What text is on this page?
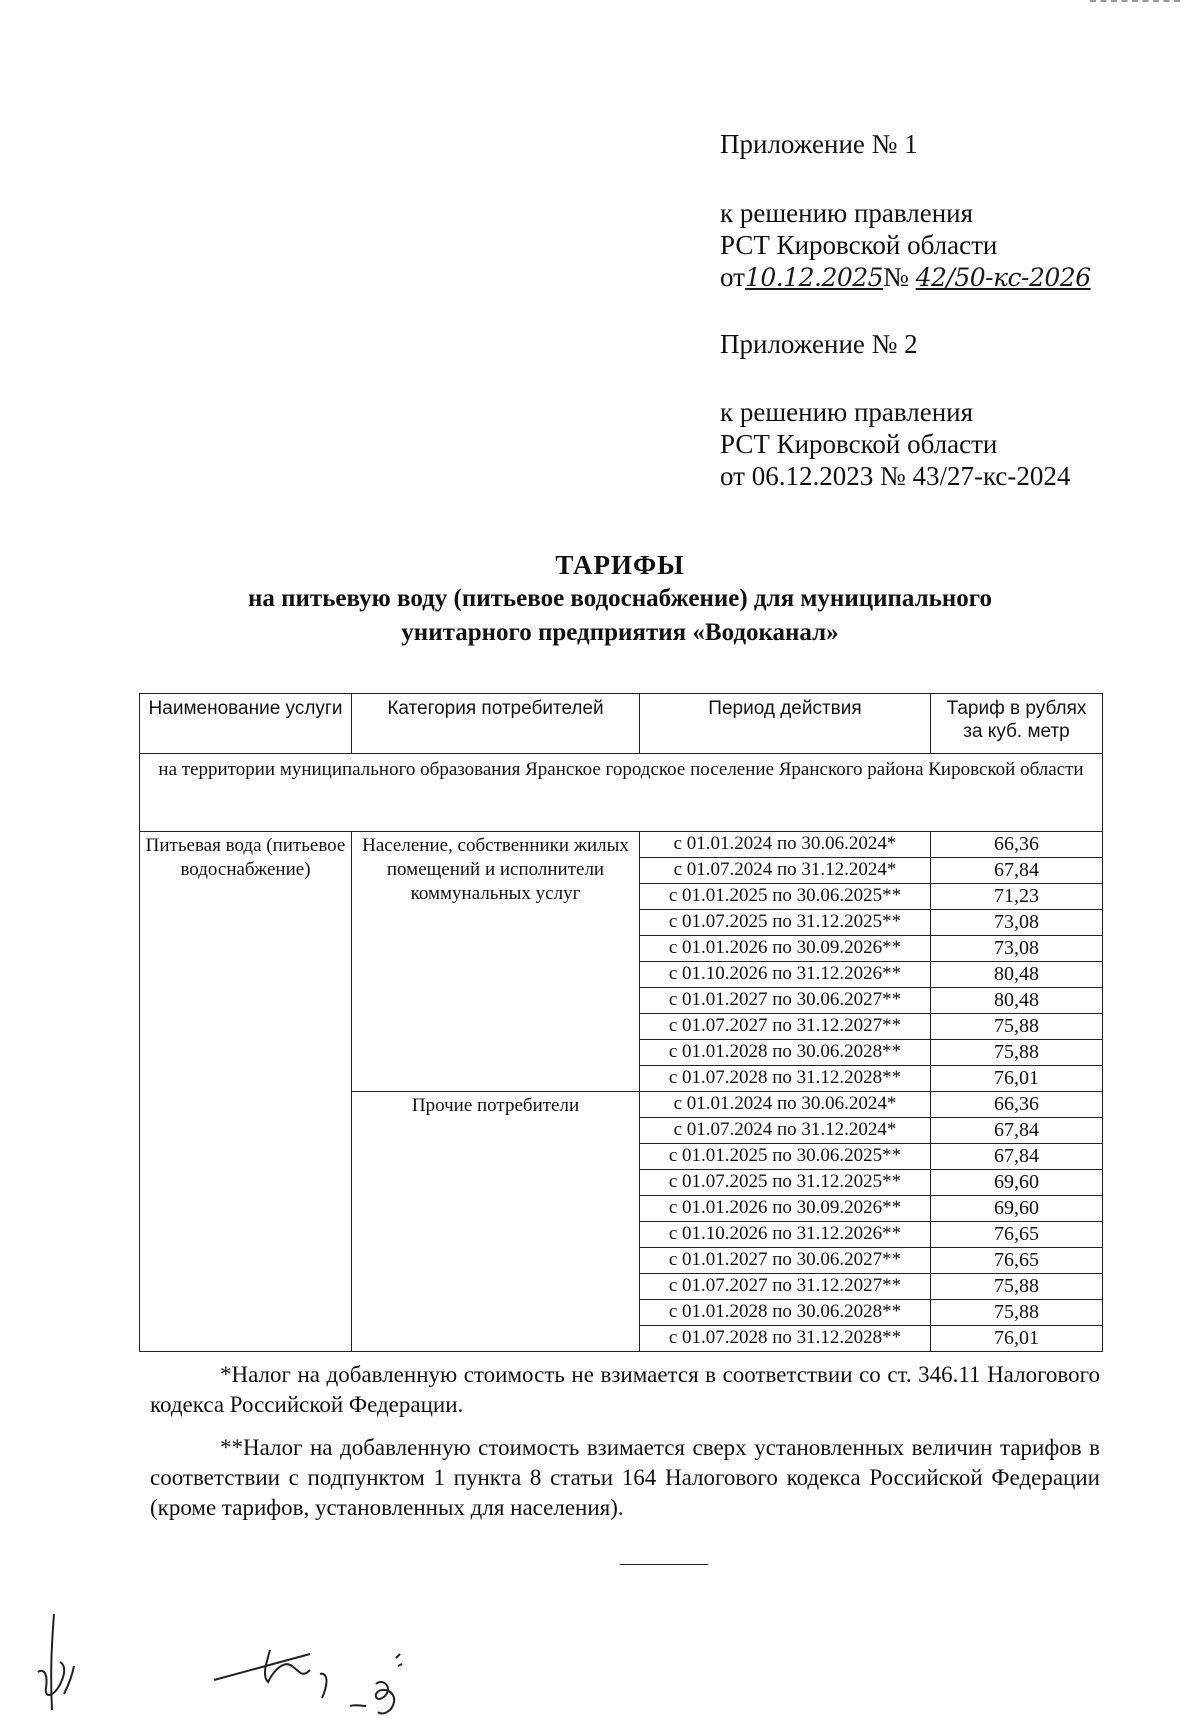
Приложение № 1
к решению правления
РСТ Кировской области
от10.12.2025№ 42/50-кс-2026
Приложение № 2
к решению правления
РСТ Кировской области
от 06.12.2023 № 43/27-кс-2024
ТАРИФЫ
на питьевую воду (питьевое водоснабжение) для муниципального
унитарного предприятия «Водоканал»
Наименование услуги	Категория потребителей	Период действия	Тариф в рублях за куб. метр
на территории муниципального образования Яранское городское поселение Яранского района Кировской области			
Питьевая вода (питьевое водоснабжение)	Население, собственники жилых помещений и исполнители коммунальных услуг	с 01.01.2024 по 30.06.2024*	66,36
		с 01.07.2024 по 31.12.2024*	67,84
		с 01.01.2025 по 30.06.2025**	71,23
		с 01.07.2025 по 31.12.2025**	73,08
		с 01.01.2026 по 30.09.2026**	73,08
		с 01.10.2026 по 31.12.2026**	80,48
		с 01.01.2027 по 30.06.2027**	80,48
		с 01.07.2027 по 31.12.2027**	75,88
		с 01.01.2028 по 30.06.2028**	75,88
		с 01.07.2028 по 31.12.2028**	76,01
	Прочие потребители	с 01.01.2024 по 30.06.2024*	66,36
		с 01.07.2024 по 31.12.2024*	67,84
		с 01.01.2025 по 30.06.2025**	67,84
		с 01.07.2025 по 31.12.2025**	69,60
		с 01.01.2026 по 30.09.2026**	69,60
		с 01.10.2026 по 31.12.2026**	76,65
		с 01.01.2027 по 30.06.2027**	76,65
		с 01.07.2027 по 31.12.2027**	75,88
		с 01.01.2028 по 30.06.2028**	75,88
		с 01.07.2028 по 31.12.2028**	76,01
*Налог на добавленную стоимость не взимается в соответствии со ст. 346.11 Налогового кодекса Российской Федерации.
**Налог на добавленную стоимость взимается сверх установленных величин тарифов в соответствии с подпунктом 1 пункта 8 статьи 164 Налогового кодекса Российской Федерации (кроме тарифов, установленных для населения).
